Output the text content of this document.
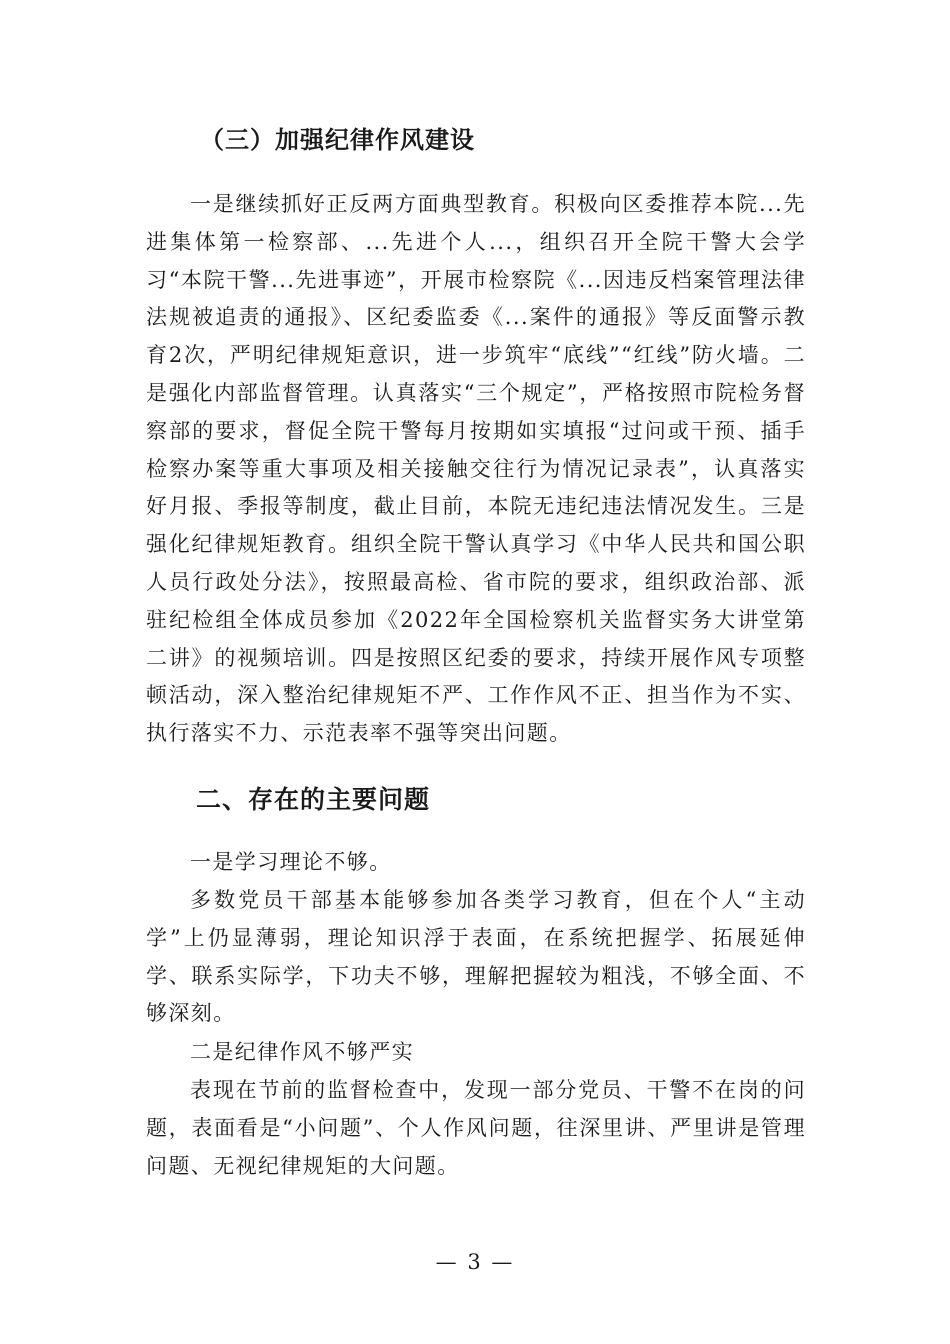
（三）加强纪律作风建设
一是继续抓好正反两方面典型教育。积极向区委推荐本院...先进集体第一检察部、...先进个人...，组织召开全院干警大会学习“本院干警...先进事迹”，开展市检察院《...因违反档案管理法律法规被追责的通报》、区纪委监委《...案件的通报》等反面警示教育2次，严明纪律规矩意识，进一步筑牢“底线”“红线”防火墙。二是强化内部监督管理。认真落实“三个规定”，严格按照市院检务督察部的要求，督促全院干警每月按期如实填报“过问或干预、插手检察办案等重大事项及相关接触交往行为情况记录表”，认真落实好月报、季报等制度，截止目前，本院无违纪违法情况发生。三是强化纪律规矩教育。组织全院干警认真学习《中华人民共和国公职人员行政处分法》，按照最高检、省市院的要求，组织政治部、派驻纪检组全体成员参加《2022年全国检察机关监督实务大讲堂第二讲》的视频培训。四是按照区纪委的要求，持续开展作风专项整顿活动，深入整治纪律规矩不严、工作作风不正、担当作为不实、执行落实不力、示范表率不强等突出问题。
二、存在的主要问题
一是学习理论不够。
多数党员干部基本能够参加各类学习教育，但在个人“主动学”上仍显薄弱，理论知识浮于表面，在系统把握学、拓展延伸学、联系实际学，下功夫不够，理解把握较为粗浅，不够全面、不够深刻。
二是纪律作风不够严实
表现在节前的监督检查中，发现一部分党员、干警不在岗的问题，表面看是“小问题”、个人作风问题，往深里讲、严里讲是管理问题、无视纪律规矩的大问题。
— 3 —
